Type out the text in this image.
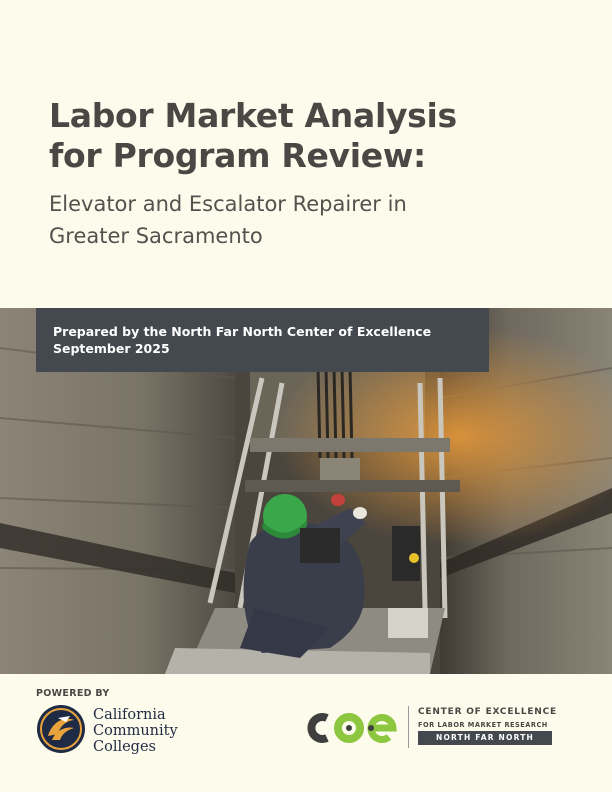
Labor Market Analysis
for Program Review:
Elevator and Escalator Repairer in
Greater Sacramento
Prepared by the North Far North Center of Excellence
September 2025
POWERED BY
California
Community
Colleges
CENTER OF EXCELLENCE
FOR LABOR MARKET RESEARCH
NORTH FAR NORTH
